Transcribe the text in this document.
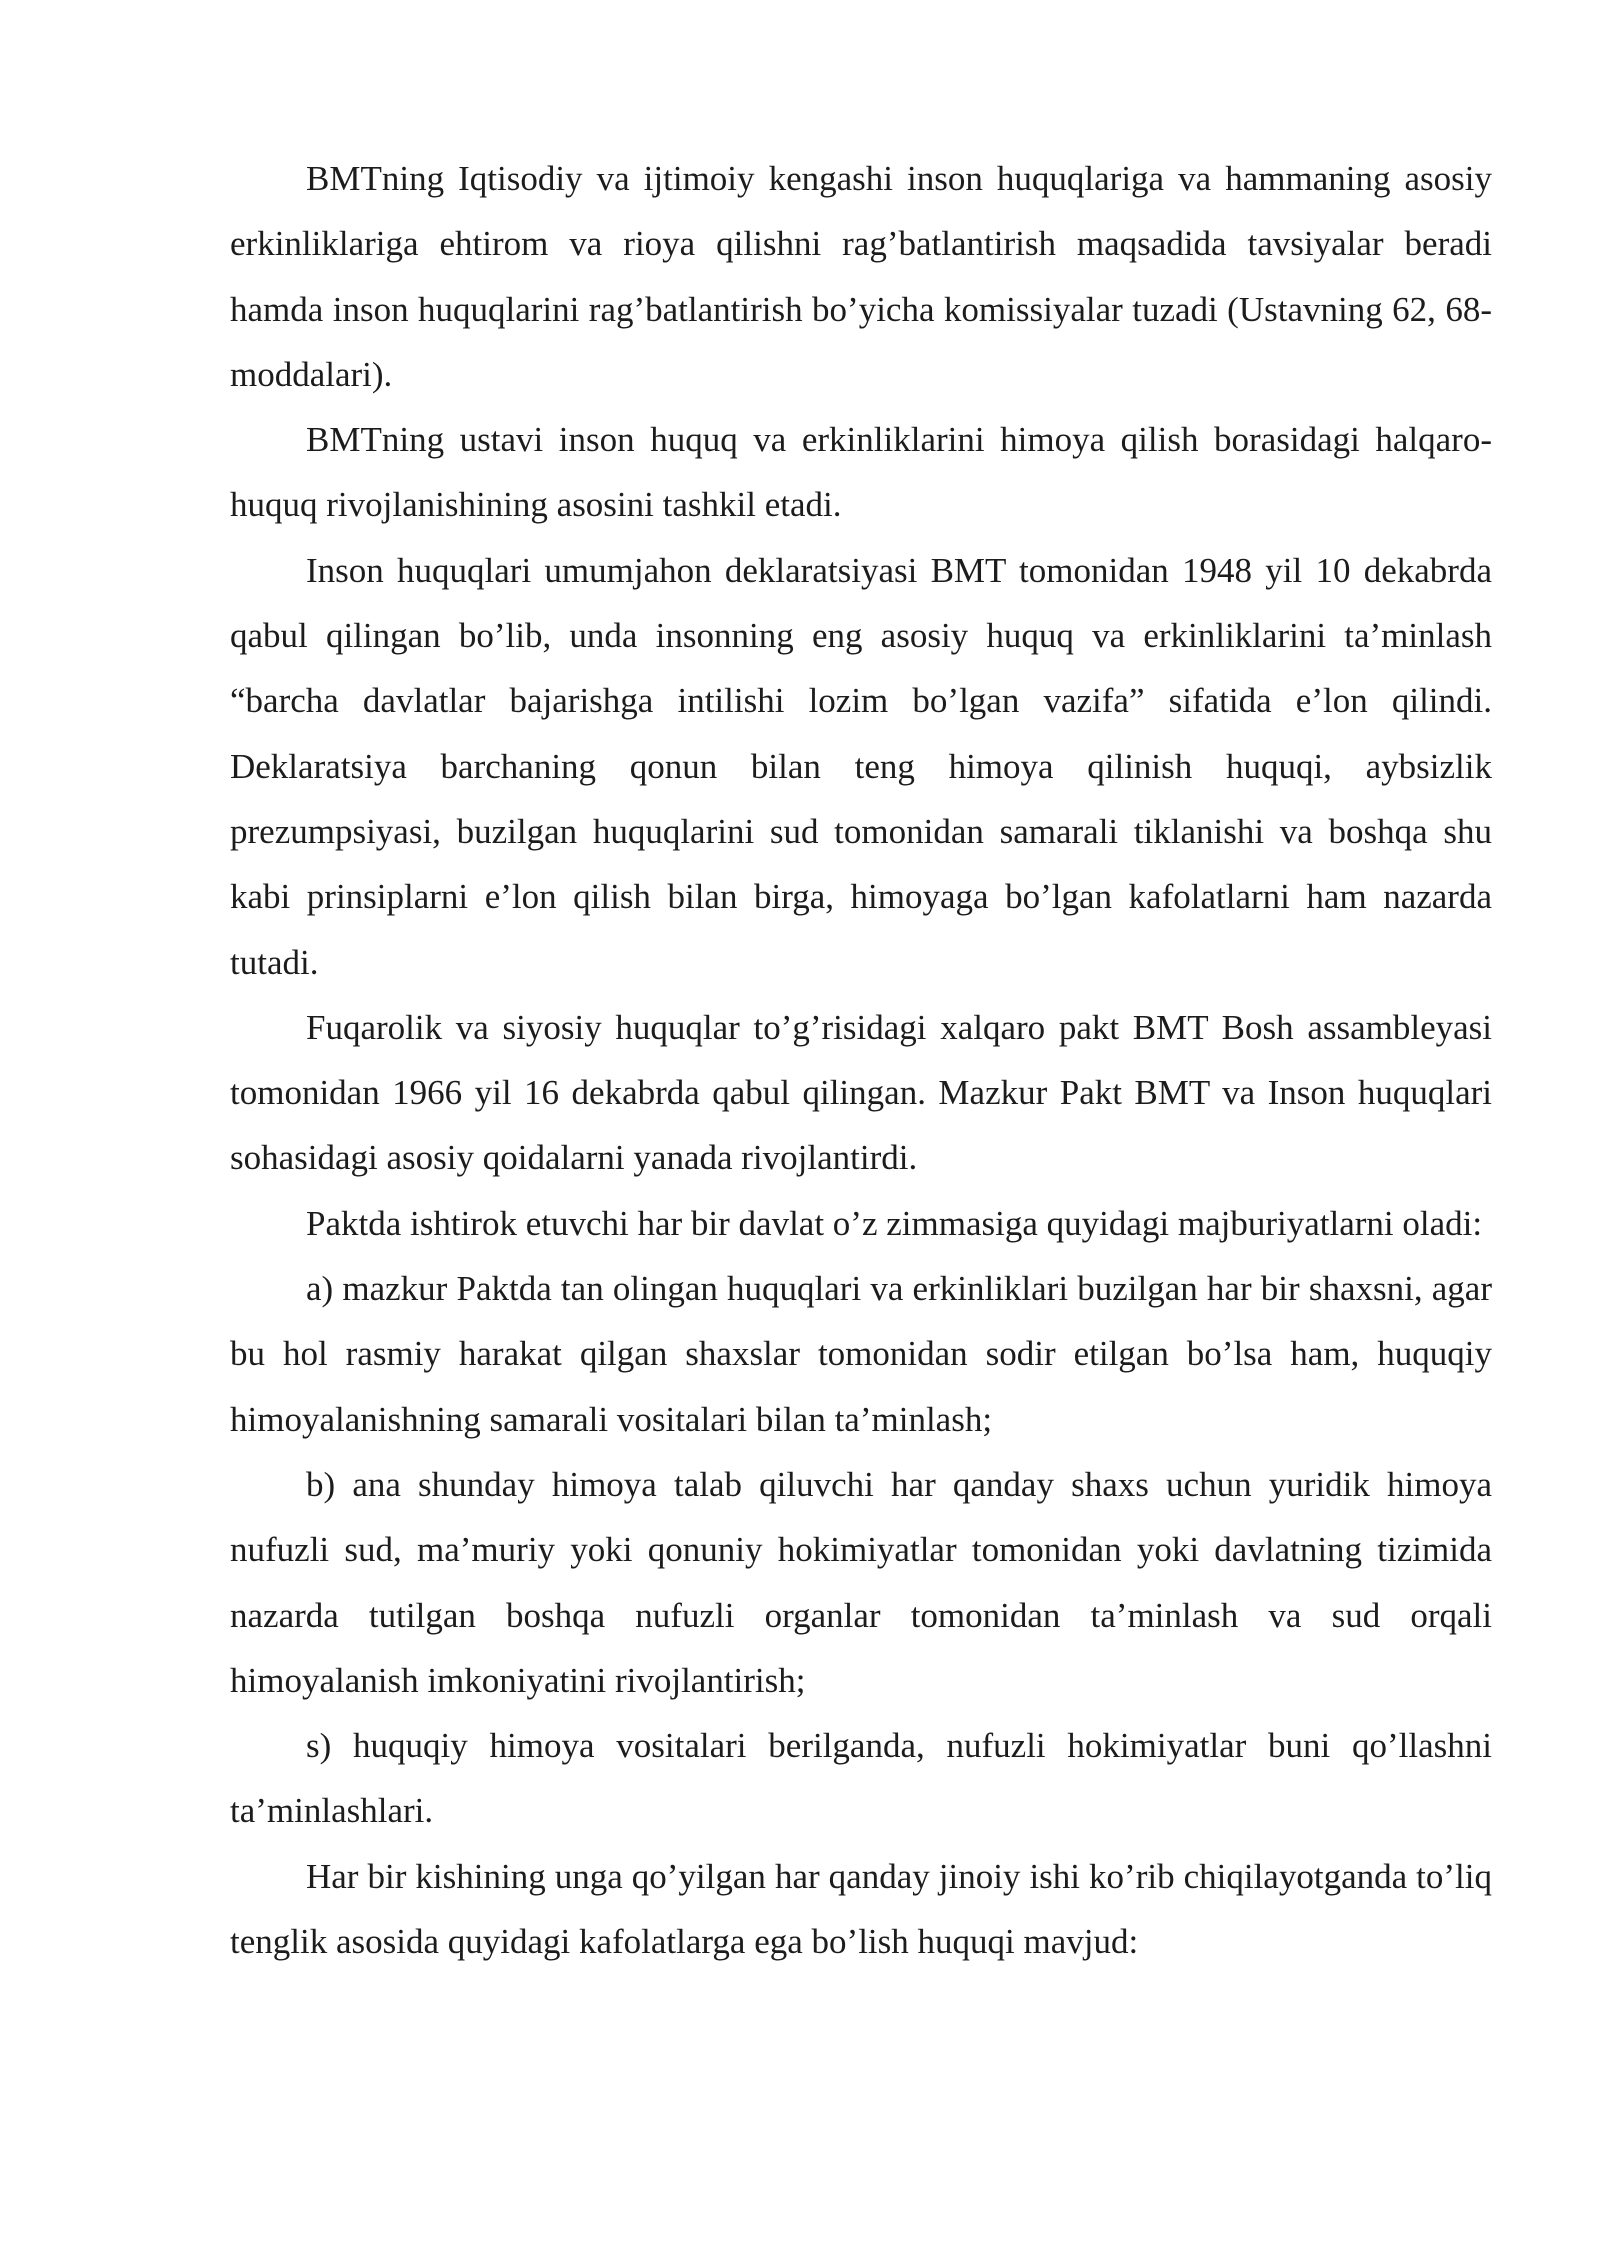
BMTning Iqtisodiy va ijtimoiy kengashi inson huquqlariga va hammaning asosiy erkinliklariga ehtirom va rioya qilishni rag’batlantirish maqsadida tavsiyalar beradi hamda inson huquqlarini rag’batlantirish bo’yicha komissiyalar tuzadi (Ustavning 62, 68-moddalari).

BMTning ustavi inson huquq va erkinliklarini himoya qilish borasidagi halqaro-huquq rivojlanishining asosini tashkil etadi.

Inson huquqlari umumjahon deklaratsiyasi BMT tomonidan 1948 yil 10 dekabrda qabul qilingan bo’lib, unda insonning eng asosiy huquq va erkinliklarini ta’minlash “barcha davlatlar bajarishga intilishi lozim bo’lgan vazifa” sifatida e’lon qilindi. Deklaratsiya barchaning qonun bilan teng himoya qilinish huquqi, aybsizlik prezumpsiyasi, buzilgan huquqlarini sud tomonidan samarali tiklanishi va boshqa shu kabi prinsiplarni e’lon qilish bilan birga, himoyaga bo’lgan kafolatlarni ham nazarda tutadi.

Fuqarolik va siyosiy huquqlar to’g’risidagi xalqaro pakt BMT Bosh assambleyasi tomonidan 1966 yil 16 dekabrda qabul qilingan. Mazkur Pakt BMT va Inson huquqlari sohasidagi asosiy qoidalarni yanada rivojlantirdi.

Paktda ishtirok etuvchi har bir davlat o’z zimmasiga quyidagi majburiyatlarni oladi:

a) mazkur Paktda tan olingan huquqlari va erkinliklari buzilgan har bir shaxsni, agar bu hol rasmiy harakat qilgan shaxslar tomonidan sodir etilgan bo’lsa ham, huquqiy himoyalanishning samarali vositalari bilan ta’minlash;

b) ana shunday himoya talab qiluvchi har qanday shaxs uchun yuridik himoya nufuzli sud, ma’muriy yoki qonuniy hokimiyatlar tomonidan yoki davlatning tizimida nazarda tutilgan boshqa nufuzli organlar tomonidan ta’minlash va sud orqali himoyalanish imkoniyatini rivojlantirish;

s) huquqiy himoya vositalari berilganda, nufuzli hokimiyatlar buni qo’llashni ta’minlashlari.

Har bir kishining unga qo’yilgan har qanday jinoiy ishi ko’rib chiqilayotganda to’liq tenglik asosida quyidagi kafolatlarga ega bo’lish huquqi mavjud:
